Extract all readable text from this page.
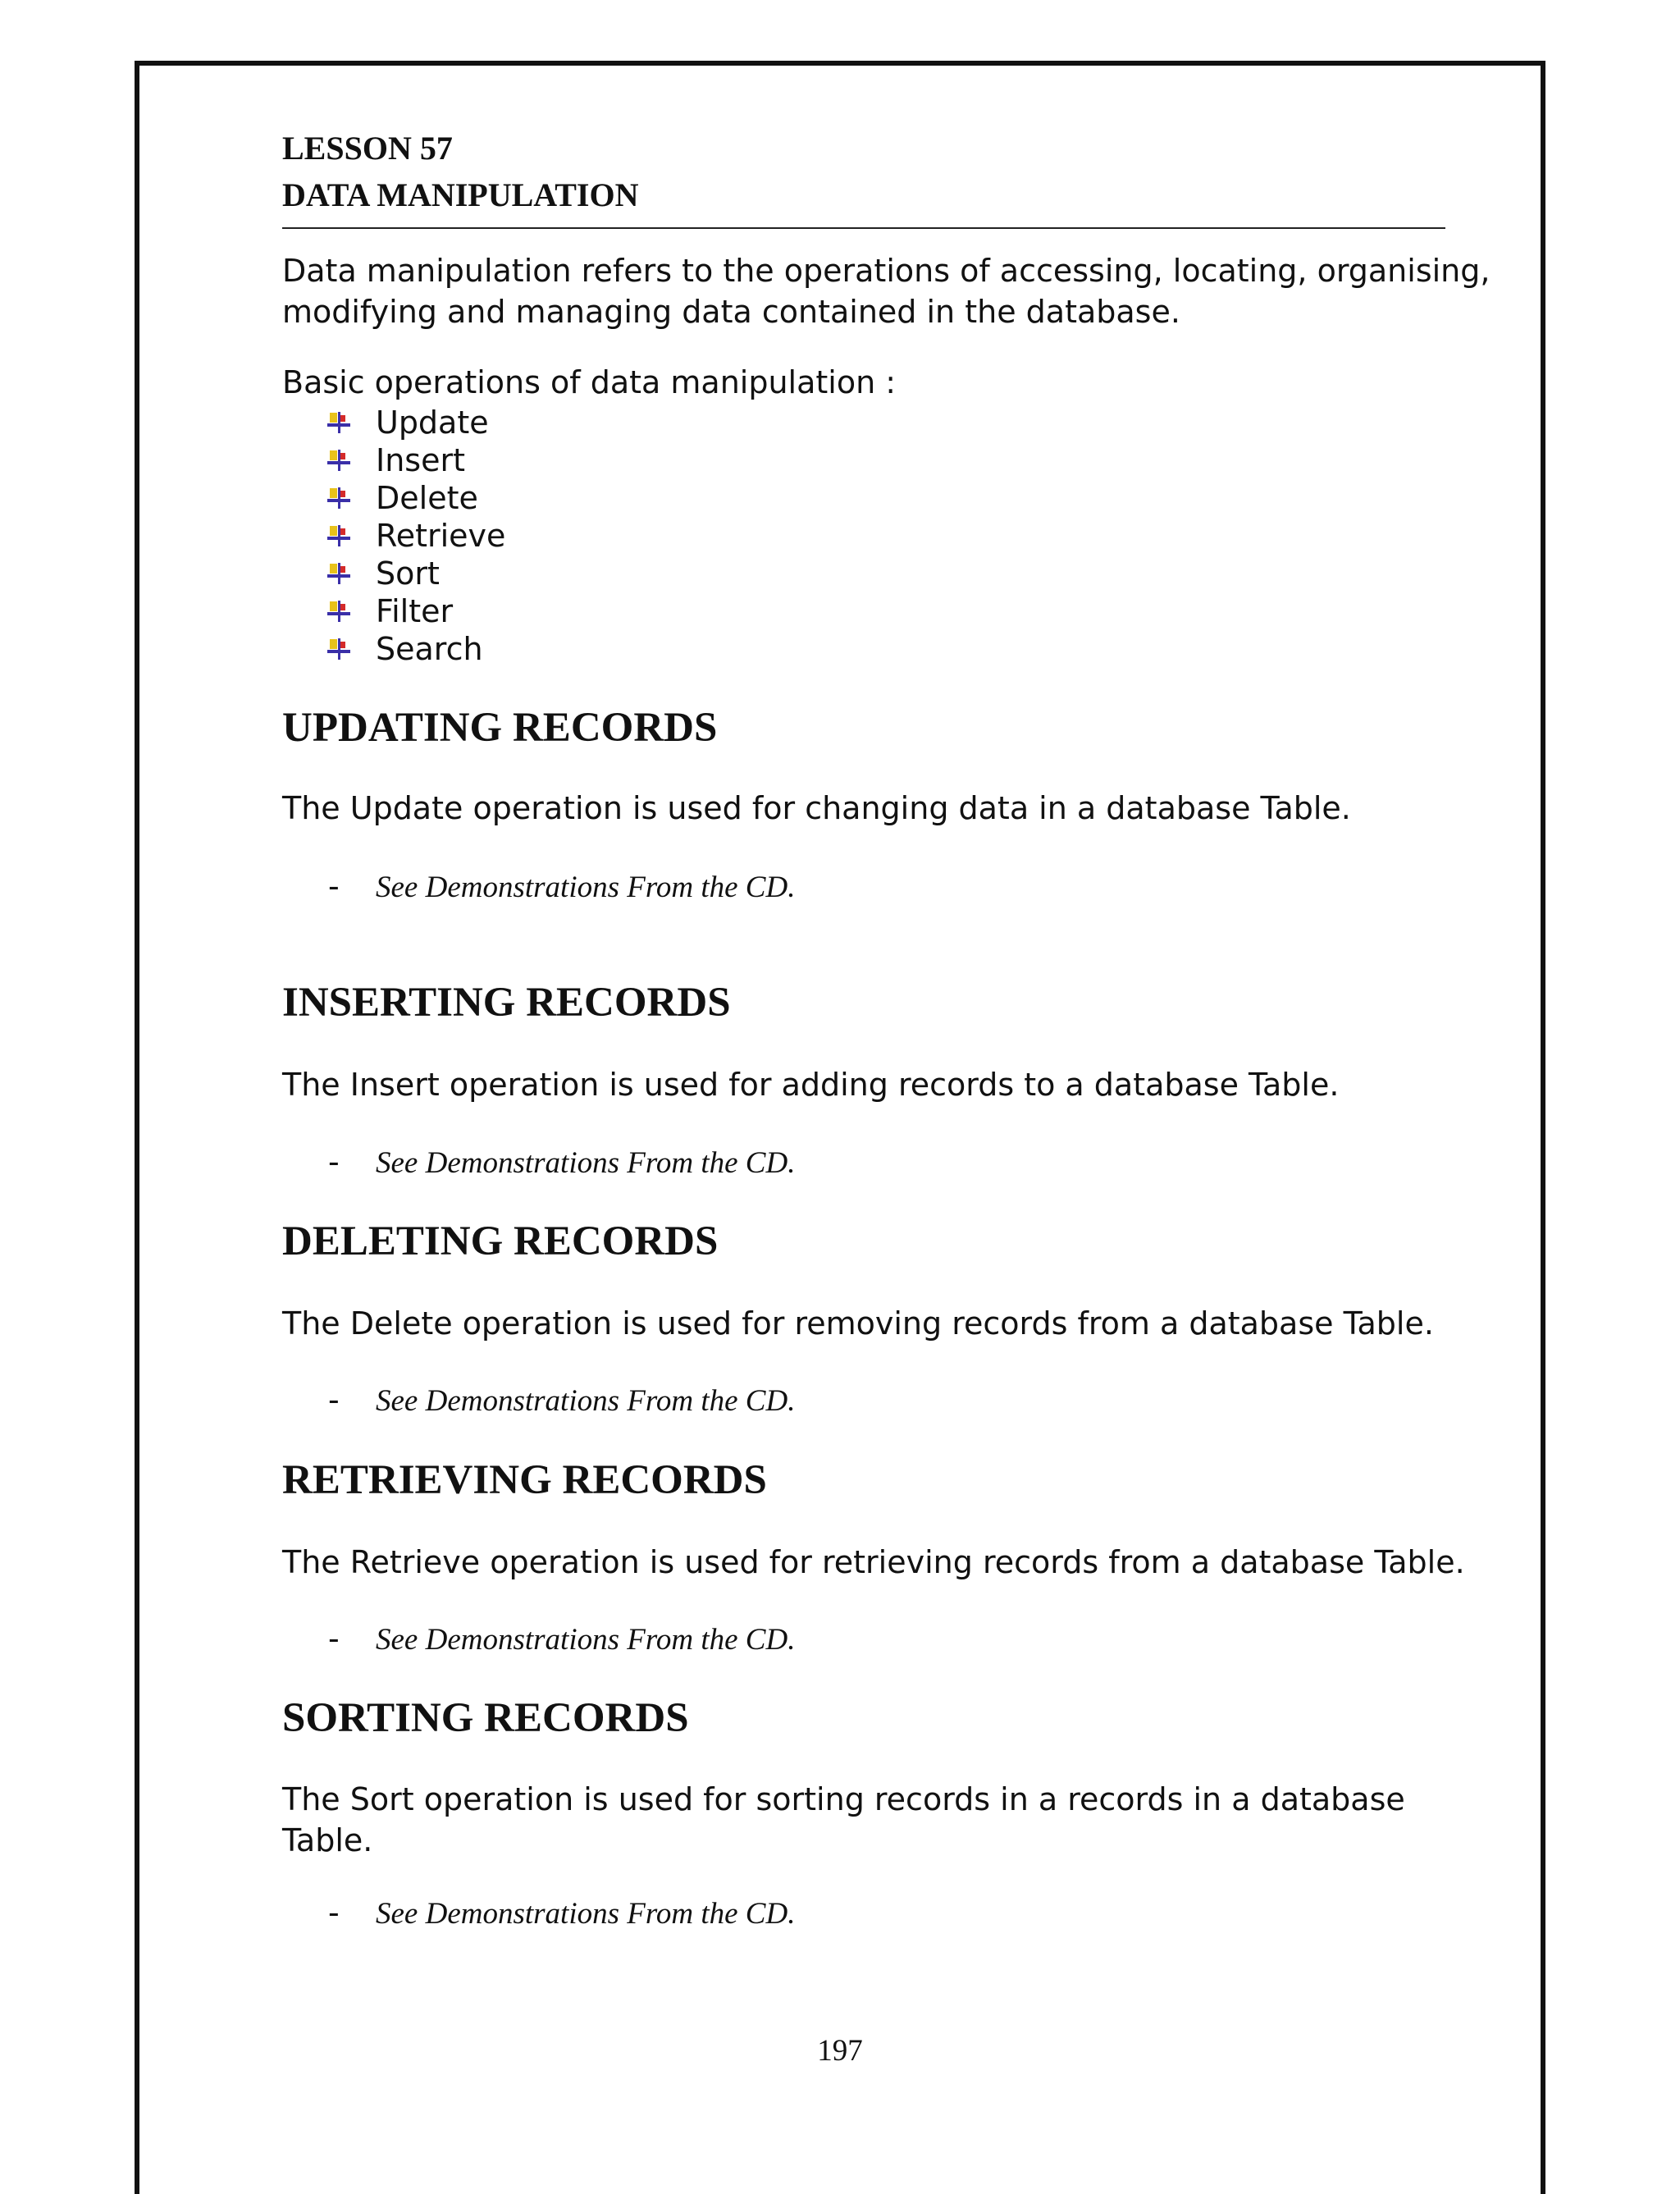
LESSON 57
DATA MANIPULATION
Data manipulation refers to the operations of accessing, locating, organising,
modifying and managing data contained in the database.
Basic operations of data manipulation :
Update
Insert
Delete
Retrieve
Sort
Filter
Search
UPDATING RECORDS
The Update operation is used for changing data in a database Table.
-	See Demonstrations From the CD.
INSERTING RECORDS
The Insert operation is used for adding records to a database Table.
-	See Demonstrations From the CD.
DELETING RECORDS
The Delete operation is used for removing records from a database Table.
-	See Demonstrations From the CD.
RETRIEVING RECORDS
The Retrieve operation is used for retrieving records from a database Table.
-	See Demonstrations From the CD.
SORTING RECORDS
The Sort operation is used for sorting records in a records in a database
Table.
-	See Demonstrations From the CD.
197
